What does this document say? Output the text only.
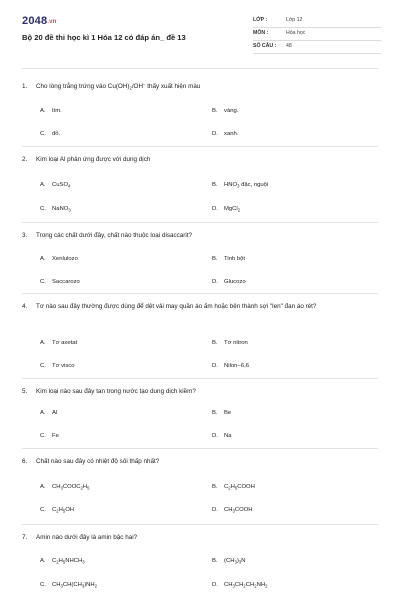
2048.vn
Bộ 20 đề thi học kì 1 Hóa 12 có đáp án_ đề 13
LỚP :	Lớp 12
MÔN :	Hóa học
SỐ CÂU : 48
1. Cho lòng trắng trứng vào $Cu(OH)_2/OH^-$ thấy xuất hiện màu
A. tím.	B. vàng.
C. đỏ.	D. xanh.
2. Kim loại Al phản ứng được với dung dịch
A. CuSO$_4$	B. $HNO_3$ đặc, nguội
C. NaNO$_3$	D. MgCl$_2$
3. Trong các chất dưới đây, chất nào thuộc loại disaccarit?
A. Xenlulozo	B. Tinh bột
C. Saccarozo	D. Glucozo
4. Tơ nào sau đây thường được dùng để dệt vải may quần áo ấm hoặc bện thành sợi "len" đan áo rét?
A. Tơ axetat	B. Tơ nitron
C. Tơ visco	D. Nilon−6,6
5. Kim loại nào sau đây tan trong nước tạo dung dịch kiềm?
A. Al	B. Be
C. Fe	D. Na
6. Chất nào sau đây có nhiệt độ sôi thấp nhất?
A. $CH_3COOC_2H_5$	B. $C_2H_5COOH$
C. $C_2H_5OH$	D. $CH_3COOH$
7. Amin nào dưới đây là amin bậc hai?
A. $C_2H_5NHCH_3$	B. $(CH_3)_3N$
C. $CH_3CH(CH_3)NH_2$	D. $CH_3CH_2CH_2NH_2$
